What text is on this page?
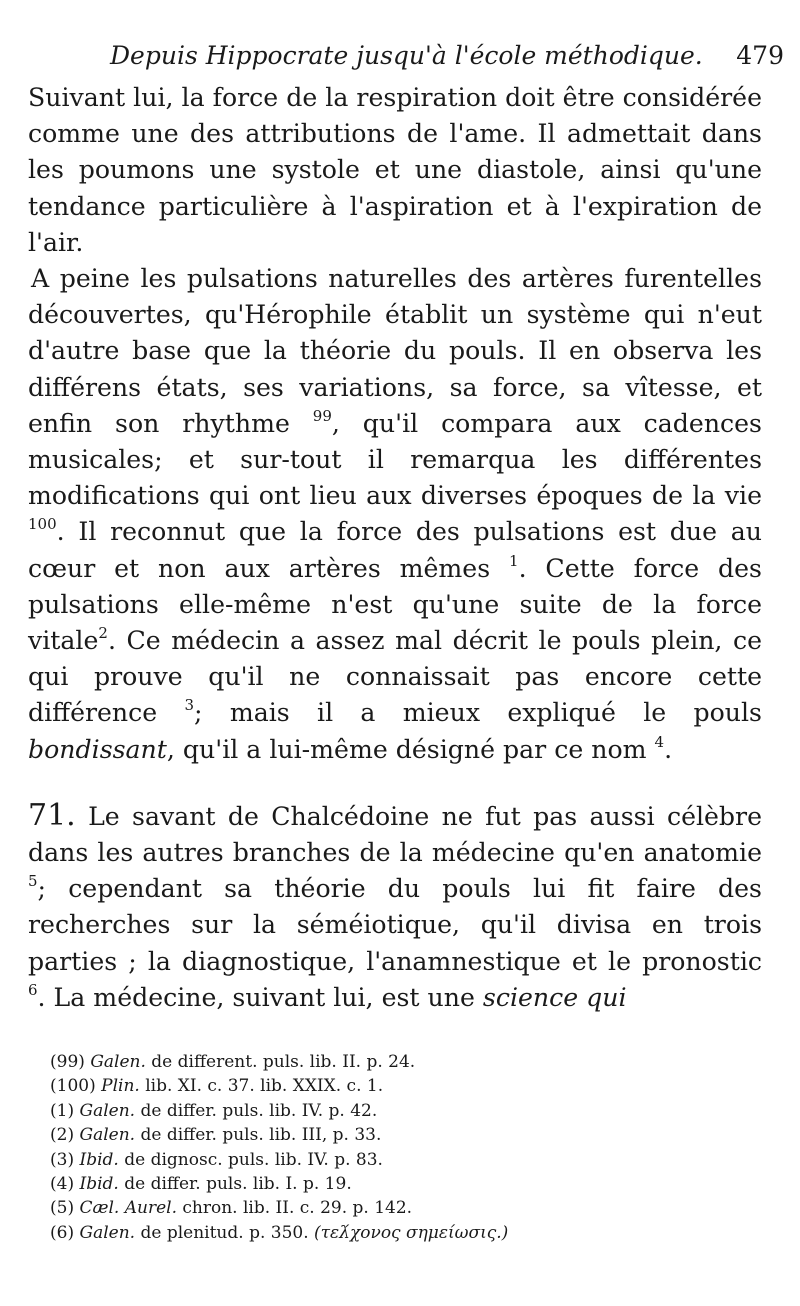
Depuis Hippocrate jusqu'à l'école méthodique. 479

Suivant lui, la force de la respiration doit être considérée comme une des attributions de l'ame. Il admettait dans les poumons une systole et une diastole, ainsi qu'une tendance particulière à l'aspiration et à l'expiration de l'air.

A peine les pulsations naturelles des artères furentelles découvertes, qu'Hérophile établit un système qui n'eut d'autre base que la théorie du pouls. Il en observa les différens états, ses variations, sa force, sa vîtesse, et enfin son rhythme $^{99}$, qu'il compara aux cadences musicales; et sur-tout il remarqua les différentes modifications qui ont lieu aux diverses époques de la vie $^{100}$. Il reconnut que la force des pulsations est due au cœur et non aux artères mêmes $^1$. Cette force des pulsations elle-même n'est qu'une suite de la force vitale$^2$. Ce médecin a assez mal décrit le pouls plein, ce qui prouve qu'il ne connaissait pas encore cette différence $^3$; mais il a mieux expliqué le pouls bondissant, qu'il a lui-même désigné par ce nom $^4$.

71. Le savant de Chalcédoine ne fut pas aussi célèbre dans les autres branches de la médecine qu'en anatomie $^5$; cependant sa théorie du pouls lui fit faire des recherches sur la séméiotique, qu'il divisa en trois parties ; la diagnostique, l'anamnestique et le pronostic $^6$. La médecine, suivant lui, est une science qui

(99) Galen. de different. puls. lib. II. p. 24.
(100) Plin. lib. XI. c. 37. lib. XXIX. c. 1.
(1) Galen. de differ. puls. lib. IV. p. 42.
(2) Galen. de differ. puls. lib. III, p. 33.
(3) Ibid. de dignosc. puls. lib. IV. p. 83.
(4) Ibid. de differ. puls. lib. I. p. 19.
(5) Cæl. Aurel. chron. lib. II. c. 29. p. 142.
(6) Galen. de plenitud. p. 350. (τελ́χονος σημείωσις.)
